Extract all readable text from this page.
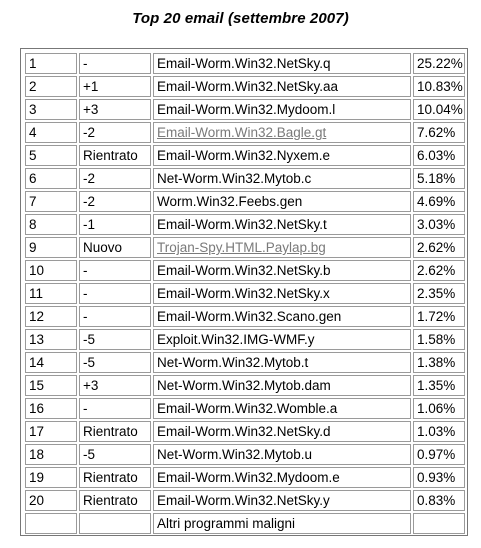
Top 20 email (settembre 2007)
1	-	Email-Worm.Win32.NetSky.q	25.22%
2	+1	Email-Worm.Win32.NetSky.aa	10.83%
3	+3	Email-Worm.Win32.Mydoom.l	10.04%
4	-2	Email-Worm.Win32.Bagle.gt	7.62%
5	Rientrato	Email-Worm.Win32.Nyxem.e	6.03%
6	-2	Net-Worm.Win32.Mytob.c	5.18%
7	-2	Worm.Win32.Feebs.gen	4.69%
8	-1	Email-Worm.Win32.NetSky.t	3.03%
9	Nuovo	Trojan-Spy.HTML.Paylap.bg	2.62%
10	-	Email-Worm.Win32.NetSky.b	2.62%
11	-	Email-Worm.Win32.NetSky.x	2.35%
12	-	Email-Worm.Win32.Scano.gen	1.72%
13	-5	Exploit.Win32.IMG-WMF.y	1.58%
14	-5	Net-Worm.Win32.Mytob.t	1.38%
15	+3	Net-Worm.Win32.Mytob.dam	1.35%
16	-	Email-Worm.Win32.Womble.a	1.06%
17	Rientrato	Email-Worm.Win32.NetSky.d	1.03%
18	-5	Net-Worm.Win32.Mytob.u	0.97%
19	Rientrato	Email-Worm.Win32.Mydoom.e	0.93%
20	Rientrato	Email-Worm.Win32.NetSky.y	0.83%
		Altri programmi maligni	
